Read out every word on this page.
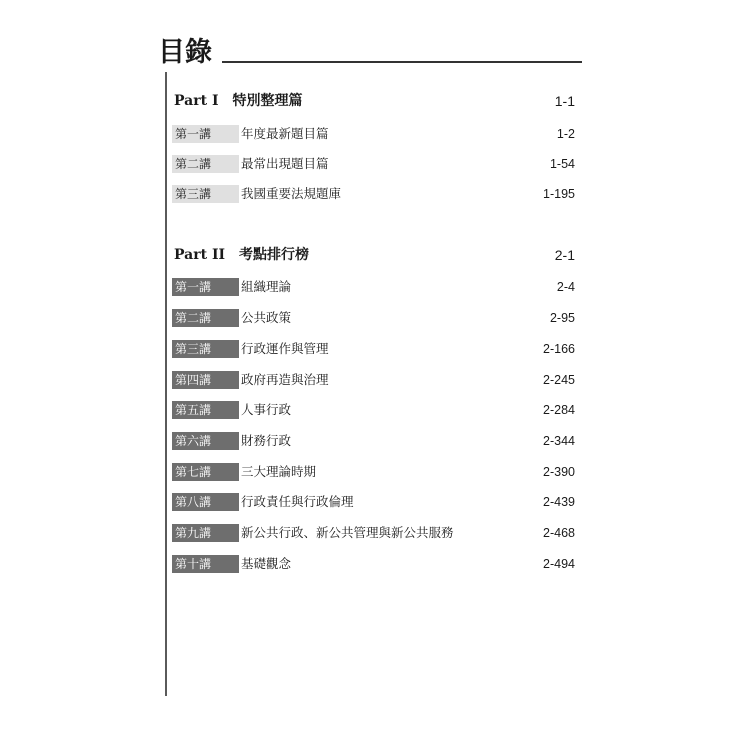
目錄
Part I　特別整理篇	1-1
第一講	年度最新題目篇	1-2
第二講	最常出現題目篇	1-54
第三講	我國重要法規題庫	1-195
Part II　考點排行榜	2-1
第一講	組織理論	2-4
第二講	公共政策	2-95
第三講	行政運作與管理	2-166
第四講	政府再造與治理	2-245
第五講	人事行政	2-284
第六講	財務行政	2-344
第七講	三大理論時期	2-390
第八講	行政責任與行政倫理	2-439
第九講	新公共行政、新公共管理與新公共服務	2-468
第十講	基礎觀念	2-494
